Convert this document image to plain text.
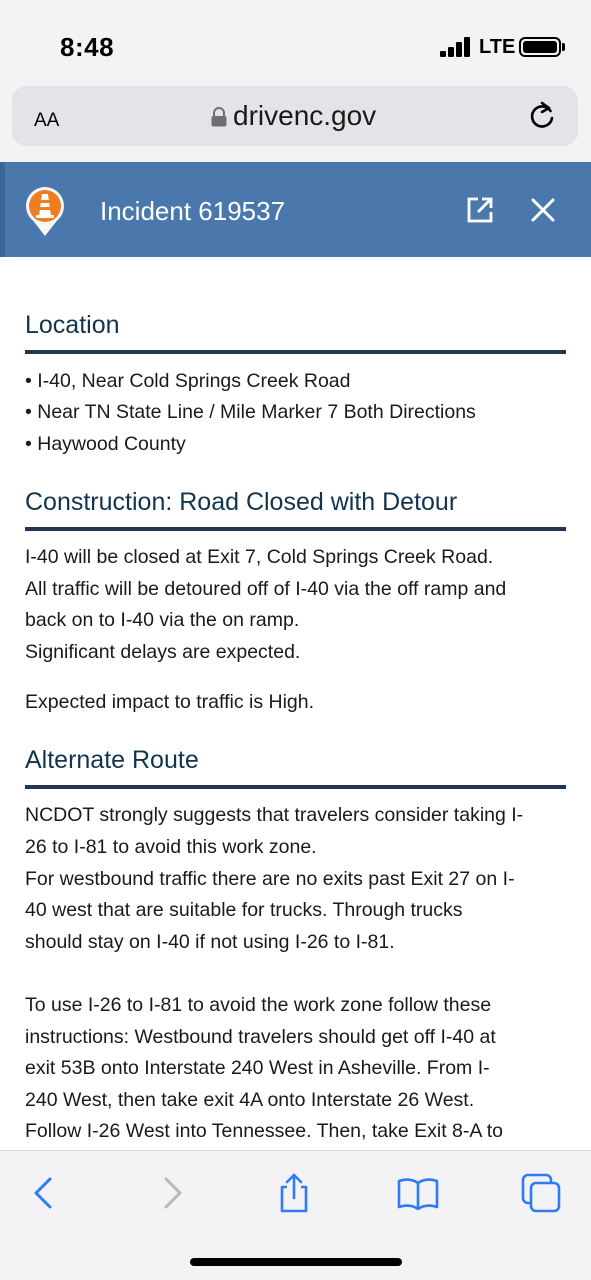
8:48	LTE
AA	drivenc.gov
Incident 619537
Location
• I-40, Near Cold Springs Creek Road
• Near TN State Line / Mile Marker 7 Both Directions
• Haywood County
Construction: Road Closed with Detour
I-40 will be closed at Exit 7, Cold Springs Creek Road.
All traffic will be detoured off of I-40 via the off ramp and
back on to I-40 via the on ramp.
Significant delays are expected.
Expected impact to traffic is High.
Alternate Route
NCDOT strongly suggests that travelers consider taking I-
26 to I-81 to avoid this work zone.
For westbound traffic there are no exits past Exit 27 on I-
40 west that are suitable for trucks. Through trucks
should stay on I-40 if not using I-26 to I-81.
To use I-26 to I-81 to avoid the work zone follow these
instructions: Westbound travelers should get off I-40 at
exit 53B onto Interstate 240 West in Asheville. From I-
240 West, then take exit 4A onto Interstate 26 West.
Follow I-26 West into Tennessee. Then, take Exit 8-A to
